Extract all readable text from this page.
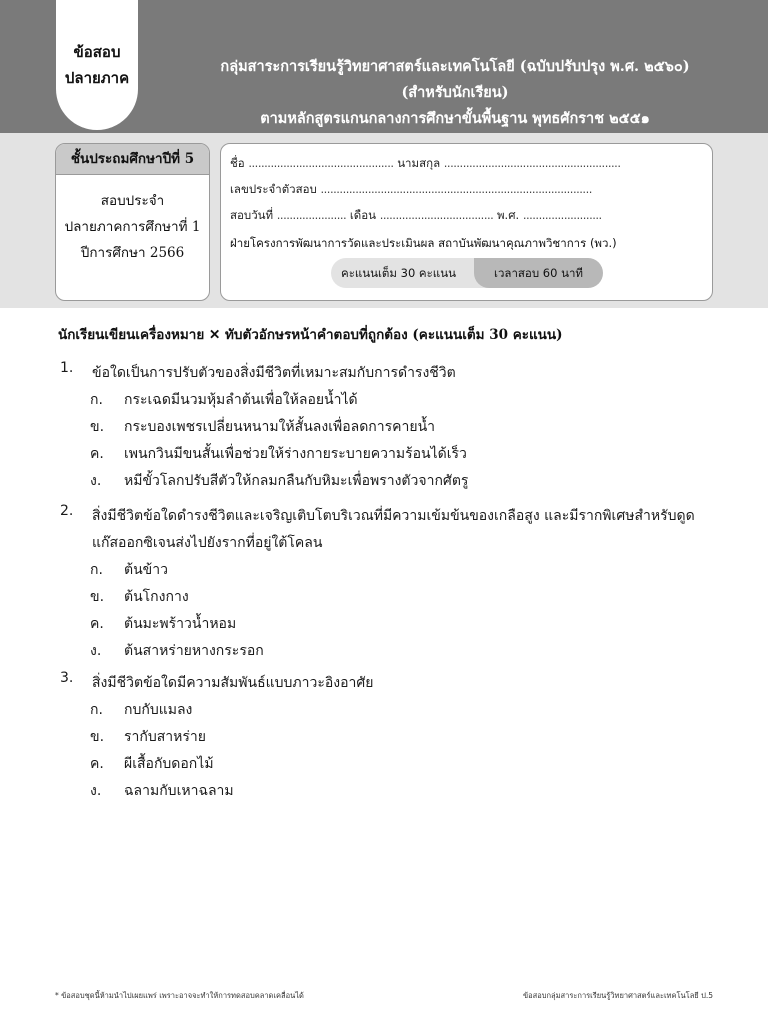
ข้อสอบ
ปลายภาค
กลุ่มสาระการเรียนรู้วิทยาศาสตร์และเทคโนโลยี (ฉบับปรับปรุง พ.ศ. ๒๕๖๐)
(สำหรับนักเรียน)
ตามหลักสูตรแกนกลางการศึกษาขั้นพื้นฐาน พุทธศักราช ๒๕๕๑
ชั้นประถมศึกษาปีที่ 5
สอบประจำ
ปลายภาคการศึกษาที่ 1
ปีการศึกษา 2566
ชื่อ .............................................. นามสกุล ........................................................
เลขประจำตัวสอบ ......................................................................................
สอบวันที่ ...................... เดือน .................................... พ.ศ. .........................
ฝ่ายโครงการพัฒนาการวัดและประเมินผล สถาบันพัฒนาคุณภาพวิชาการ (พว.)
คะแนนเต็ม 30 คะแนน	เวลาสอบ 60 นาที
นักเรียนเขียนเครื่องหมาย ✕ ทับตัวอักษรหน้าคำตอบที่ถูกต้อง (คะแนนเต็ม 30 คะแนน)
1.	ข้อใดเป็นการปรับตัวของสิ่งมีชีวิตที่เหมาะสมกับการดำรงชีวิต
ก.	กระเฉดมีนวมหุ้มลำต้นเพื่อให้ลอยน้ำได้
ข.	กระบองเพชรเปลี่ยนหนามให้สั้นลงเพื่อลดการคายน้ำ
ค.	เพนกวินมีขนสั้นเพื่อช่วยให้ร่างกายระบายความร้อนได้เร็ว
ง.	หมีขั้วโลกปรับสีตัวให้กลมกลืนกับหิมะเพื่อพรางตัวจากศัตรู
2.	สิ่งมีชีวิตข้อใดดำรงชีวิตและเจริญเติบโตบริเวณที่มีความเข้มข้นของเกลือสูง และมีรากพิเศษสำหรับดูดแก๊สออกซิเจนส่งไปยังรากที่อยู่ใต้โคลน
ก.	ต้นข้าว
ข.	ต้นโกงกาง
ค.	ต้นมะพร้าวน้ำหอม
ง.	ต้นสาหร่ายหางกระรอก
3.	สิ่งมีชีวิตข้อใดมีความสัมพันธ์แบบภาวะอิงอาศัย
ก.	กบกับแมลง
ข.	รากับสาหร่าย
ค.	ผีเสื้อกับดอกไม้
ง.	ฉลามกับเหาฉลาม
* ข้อสอบชุดนี้ห้ามนำไปเผยแพร่ เพราะอาจจะทำให้การทดสอบคลาดเคลื่อนได้	ข้อสอบกลุ่มสาระการเรียนรู้วิทยาศาสตร์และเทคโนโลยี ป.5
